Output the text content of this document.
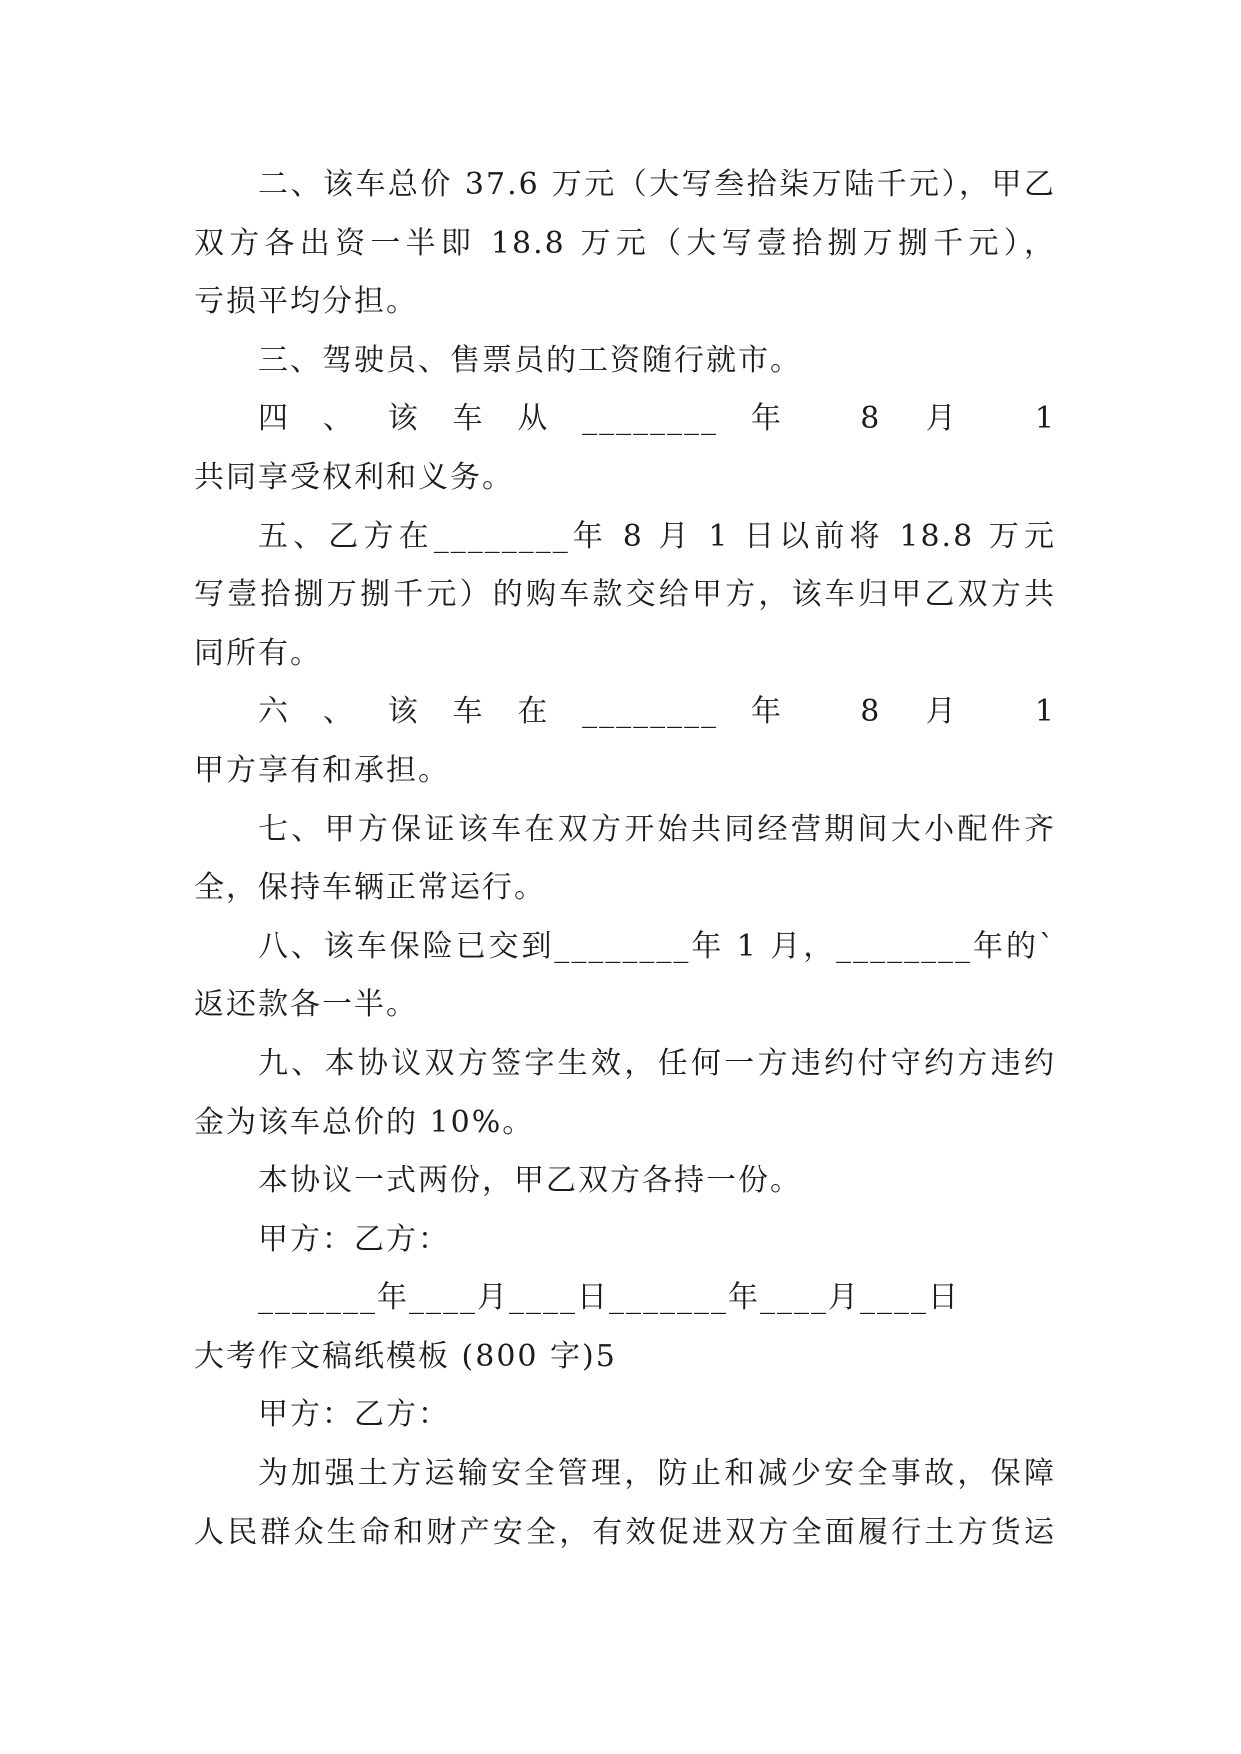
二、该车总价 37.6 万元（大写叁拾柒万陆千元），甲乙
双方各出资一半即 18.8 万元（大写壹拾捌万捌千元），
亏损平均分担。
三、驾驶员、售票员的工资随行就市。
四、该车从________年 8 月 1
共同享受权利和义务。
五、乙方在________年 8 月 1 日以前将 18.8 万元
写壹拾捌万捌千元）的购车款交给甲方，该车归甲乙双方共
同所有。
六、该车在________年 8 月 1
甲方享有和承担。
七、甲方保证该车在双方开始共同经营期间大小配件齐
全，保持车辆正常运行。
八、该车保险已交到________年 1 月，________年的`
返还款各一半。
九、本协议双方签字生效，任何一方违约付守约方违约
金为该车总价的 10%。
本协议一式两份，甲乙双方各持一份。
甲方：乙方：
_______年____月____日_______年____月____日
大考作文稿纸模板 (800 字)5
甲方：乙方：
为加强土方运输安全管理，防止和减少安全事故，保障
人民群众生命和财产安全，有效促进双方全面履行土方货运
